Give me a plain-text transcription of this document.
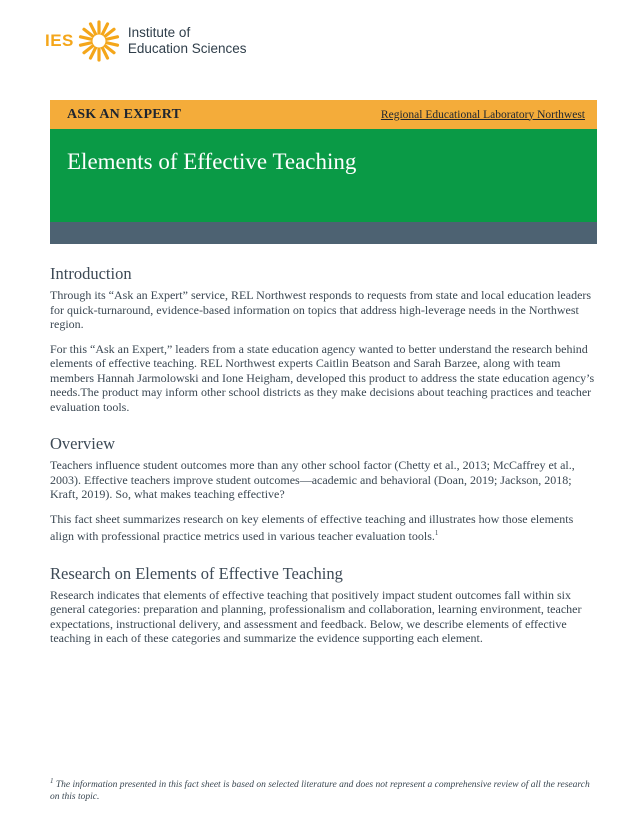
IES	Institute of
Education Sciences
ASK AN EXPERT	Regional Educational Laboratory Northwest
Elements of Effective Teaching
Introduction

Through its “Ask an Expert” service, REL Northwest responds to requests from state and local education leaders for quick-turnaround, evidence-based information on topics that address high-leverage needs in the Northwest region.

For this “Ask an Expert,” leaders from a state education agency wanted to better understand the research behind elements of effective teaching. REL Northwest experts Caitlin Beatson and Sarah Barzee, along with team members Hannah Jarmolowski and Ione Heigham, developed this product to address the state education agency’s needs.The product may inform other school districts as they make decisions about teaching practices and teacher evaluation tools.

Overview

Teachers influence student outcomes more than any other school factor (Chetty et al., 2013; McCaffrey et al., 2003). Effective teachers improve student outcomes—academic and behavioral (Doan, 2019; Jackson, 2018; Kraft, 2019). So, what makes teaching effective?

This fact sheet summarizes research on key elements of effective teaching and illustrates how those elements align with professional practice metrics used in various teacher evaluation tools.$^1$

Research on Elements of Effective Teaching

Research indicates that elements of effective teaching that positively impact student outcomes fall within six general categories: preparation and planning, professionalism and collaboration, learning environment, teacher expectations, instructional delivery, and assessment and feedback. Below, we describe elements of effective teaching in each of these categories and summarize the evidence supporting each element.

$^1$ The information presented in this fact sheet is based on selected literature and does not represent a comprehensive review of all the research on this topic.
